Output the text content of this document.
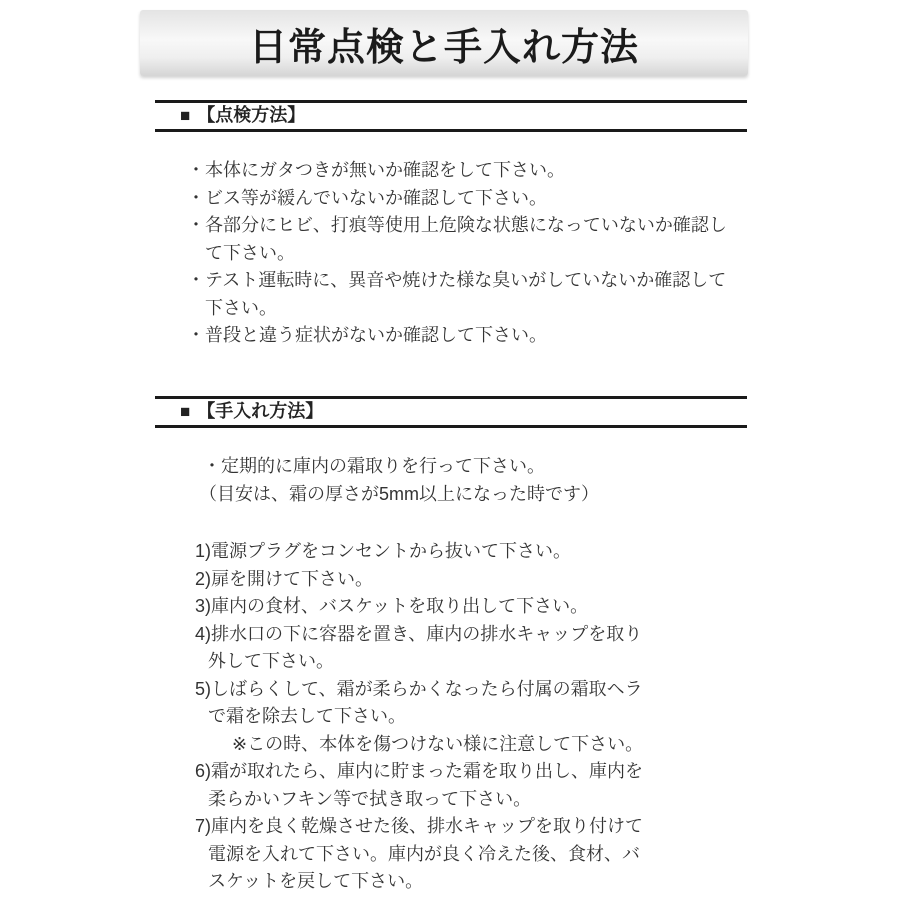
日常点検と手入れ方法
■ 【点検方法】
・本体にガタつきが無いか確認をして下さい。
・ビス等が緩んでいないか確認して下さい。
・各部分にヒビ、打痕等使用上危険な状態になっていないか確認して下さい。
・テスト運転時に、異音や焼けた様な臭いがしていないか確認して下さい。
・普段と違う症状がないか確認して下さい。
■ 【手入れ方法】
・定期的に庫内の霜取りを行って下さい。
（目安は、霜の厚さが5mm以上になった時です）
1)電源プラグをコンセントから抜いて下さい。
2)扉を開けて下さい。
3)庫内の食材、バスケットを取り出して下さい。
4)排水口の下に容器を置き、庫内の排水キャップを取り外して下さい。
5)しばらくして、霜が柔らかくなったら付属の霜取ヘラで霜を除去して下さい。
※この時、本体を傷つけない様に注意して下さい。
6)霜が取れたら、庫内に貯まった霜を取り出し、庫内を柔らかいフキン等で拭き取って下さい。
7)庫内を良く乾燥させた後、排水キャップを取り付けて電源を入れて下さい。庫内が良く冷えた後、食材、バスケットを戻して下さい。
